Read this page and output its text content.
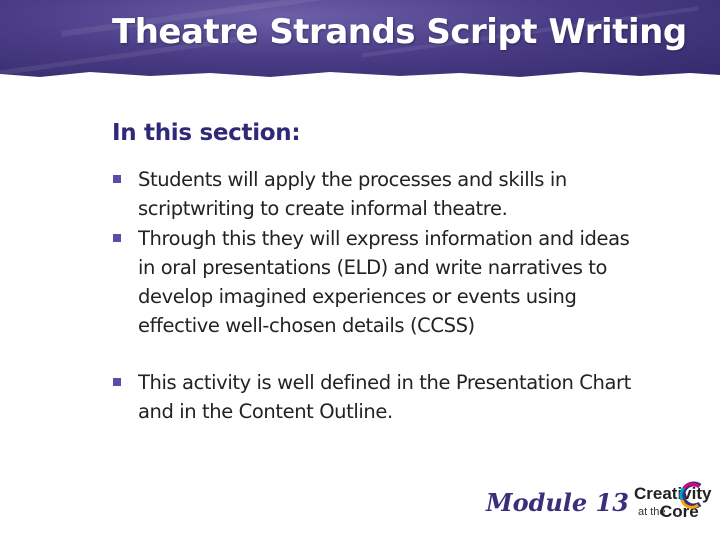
Theatre Strands Script Writing
In this section:
Students will apply the processes and skills in scriptwriting to create informal theatre.
Through this they will express information and ideas in oral presentations (ELD) and write narratives to develop imagined experiences or events using effective well-chosen details (CCSS)
This activity is well defined in the Presentation Chart and in the Content Outline.
Module 13 Creativity
at the
Core
